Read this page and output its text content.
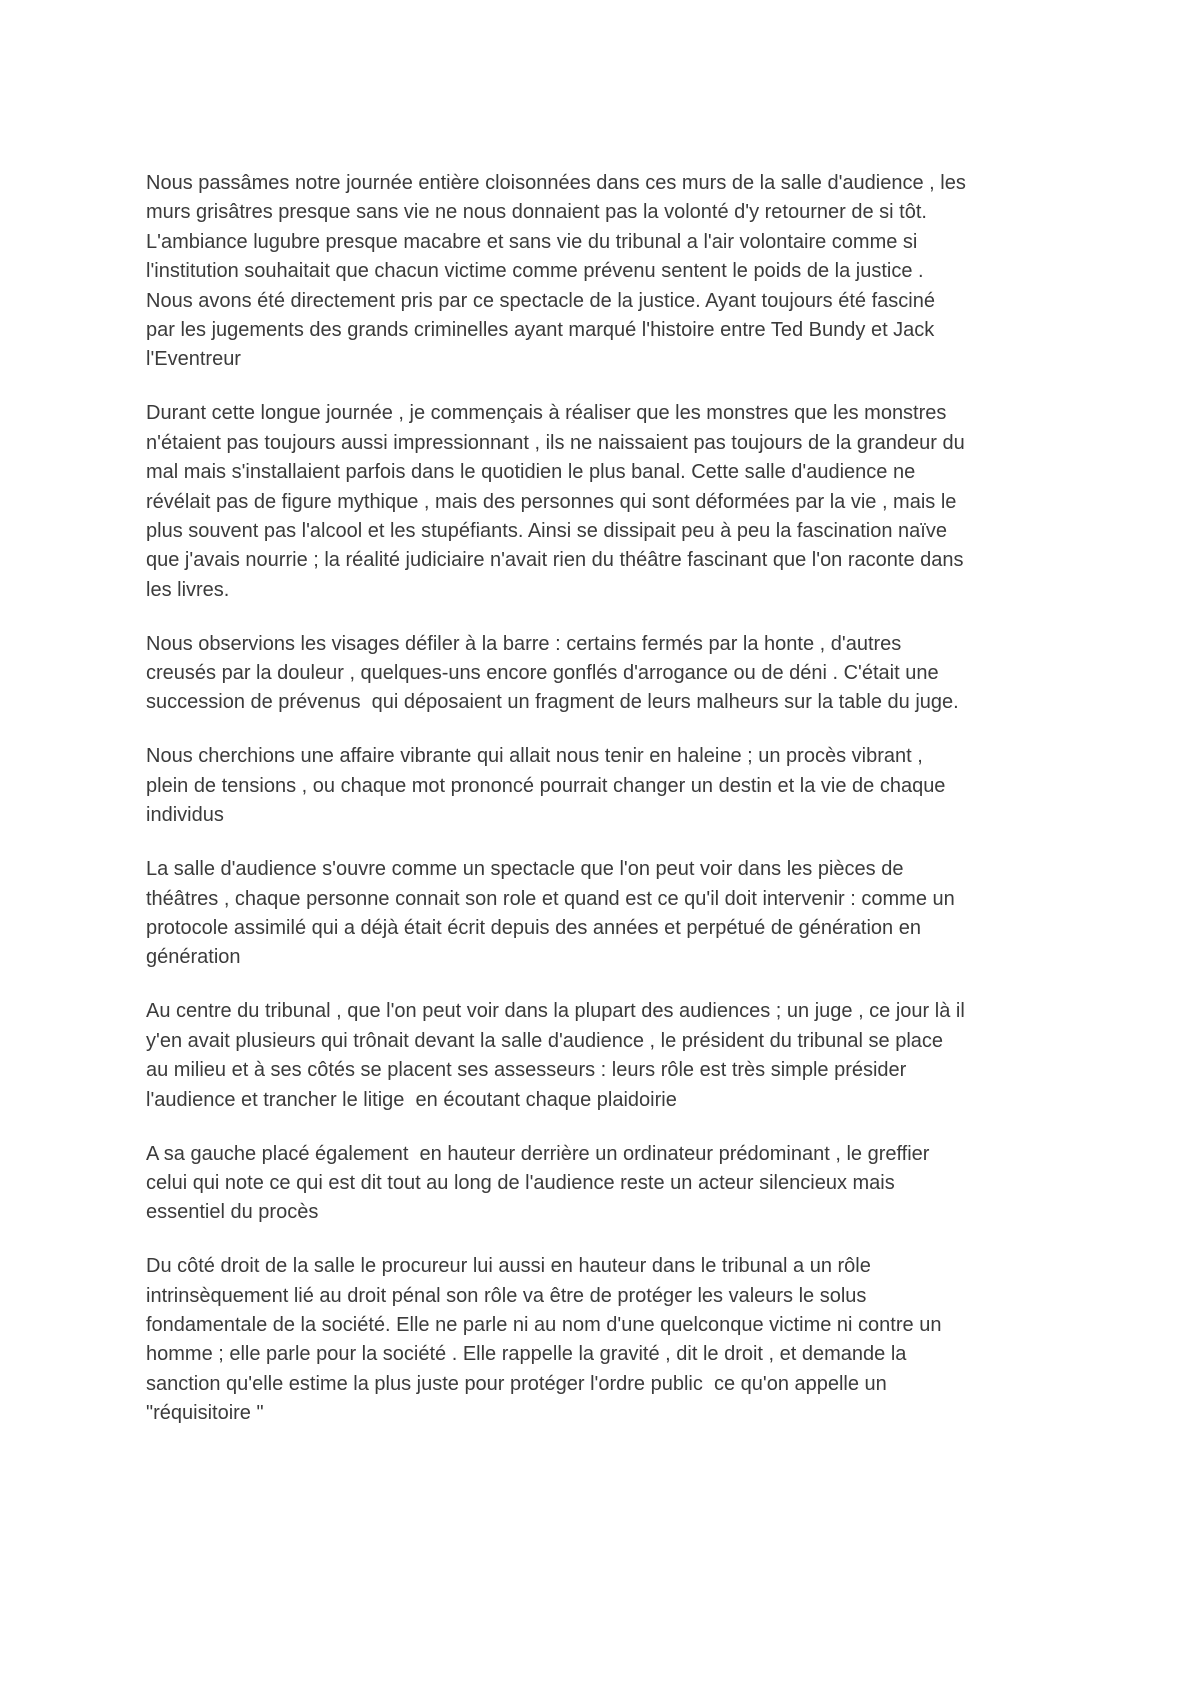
Nous passâmes notre journée entière cloisonnées dans ces murs de la salle d'audience , les
murs grisâtres presque sans vie ne nous donnaient pas la volonté d'y retourner de si tôt.
L'ambiance lugubre presque macabre et sans vie du tribunal a l'air volontaire comme si
l'institution souhaitait que chacun victime comme prévenu sentent le poids de la justice .
Nous avons été directement pris par ce spectacle de la justice. Ayant toujours été fasciné
par les jugements des grands criminelles ayant marqué l'histoire entre Ted Bundy et Jack
l'Eventreur
Durant cette longue journée , je commençais à réaliser que les monstres que les monstres
n'étaient pas toujours aussi impressionnant , ils ne naissaient pas toujours de la grandeur du
mal mais s'installaient parfois dans le quotidien le plus banal. Cette salle d'audience ne
révélait pas de figure mythique , mais des personnes qui sont déformées par la vie , mais le
plus souvent pas l'alcool et les stupéfiants. Ainsi se dissipait peu à peu la fascination naïve
que j'avais nourrie ; la réalité judiciaire n'avait rien du théâtre fascinant que l'on raconte dans
les livres.
Nous observions les visages défiler à la barre : certains fermés par la honte , d'autres
creusés par la douleur , quelques-uns encore gonflés d'arrogance ou de déni . C'était une
succession de prévenus  qui déposaient un fragment de leurs malheurs sur la table du juge.
Nous cherchions une affaire vibrante qui allait nous tenir en haleine ; un procès vibrant ,
plein de tensions , ou chaque mot prononcé pourrait changer un destin et la vie de chaque
individus
La salle d'audience s'ouvre comme un spectacle que l'on peut voir dans les pièces de
théâtres , chaque personne connait son role et quand est ce qu'il doit intervenir : comme un
protocole assimilé qui a déjà était écrit depuis des années et perpétué de génération en
génération
Au centre du tribunal , que l'on peut voir dans la plupart des audiences ; un juge , ce jour là il
y'en avait plusieurs qui trônait devant la salle d'audience , le président du tribunal se place
au milieu et à ses côtés se placent ses assesseurs : leurs rôle est très simple présider
l'audience et trancher le litige  en écoutant chaque plaidoirie
A sa gauche placé également  en hauteur derrière un ordinateur prédominant , le greffier
celui qui note ce qui est dit tout au long de l'audience reste un acteur silencieux mais
essentiel du procès
Du côté droit de la salle le procureur lui aussi en hauteur dans le tribunal a un rôle
intrinsèquement lié au droit pénal son rôle va être de protéger les valeurs le solus
fondamentale de la société. Elle ne parle ni au nom d'une quelconque victime ni contre un
homme ; elle parle pour la société . Elle rappelle la gravité , dit le droit , et demande la
sanction qu'elle estime la plus juste pour protéger l'ordre public  ce qu'on appelle un
"réquisitoire "
